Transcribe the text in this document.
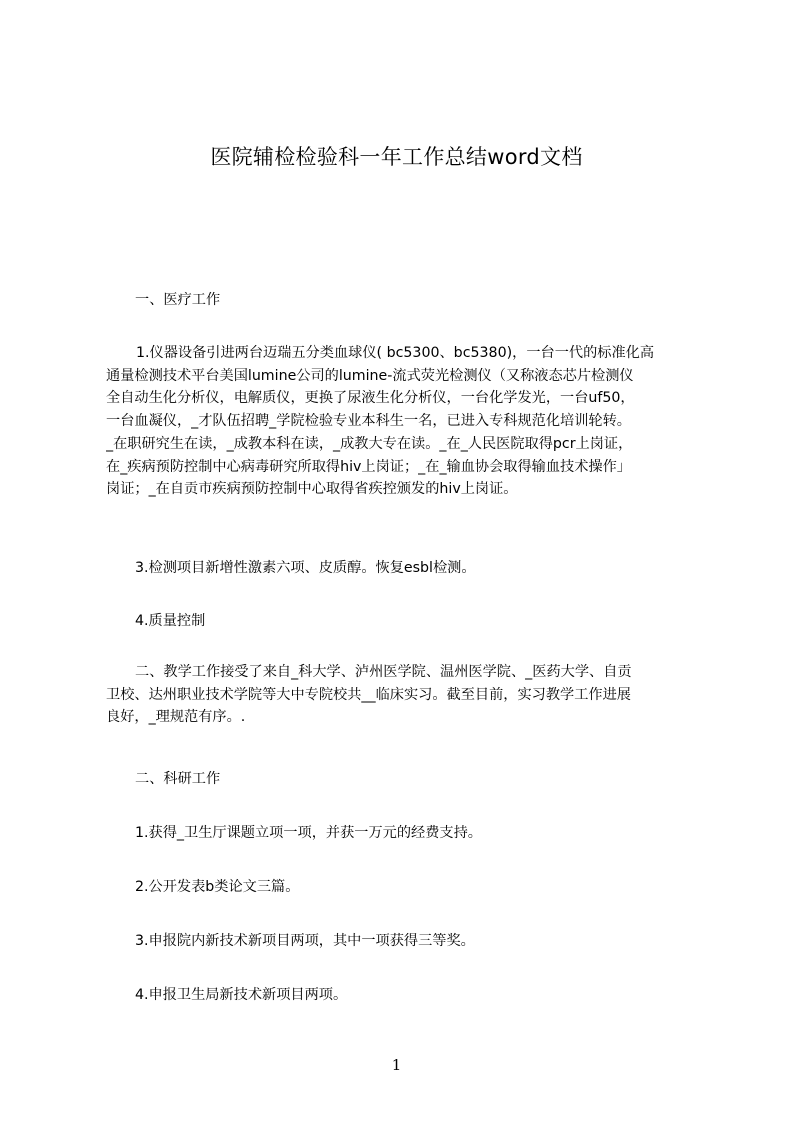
医院辅检检验科一年工作总结word文档
一、医疗工作
1.仪器设备引进两台迈瑞五分类血球仪( bc5300、bc5380)，一台一代的标准化高
通量检测技术平台美国lumine公司的lumine-流式荧光检测仪（又称液态芯片检测仪
全自动生化分析仪，电解质仪，更换了尿液生化分析仪，一台化学发光，一台uf50，
一台血凝仪，_才队伍招聘_学院检验专业本科生一名，已进入专科规范化培训轮转。
_在职研究生在读，_成教本科在读，_成教大专在读。_在_人民医院取得pcr上岗证，
在_疾病预防控制中心病毒研究所取得hiv上岗证；_在_输血协会取得输血技术操作」
岗证；_在自贡市疾病预防控制中心取得省疾控颁发的hiv上岗证。
3.检测项目新增性激素六项、皮质醇。恢复esbl检测。
4.质量控制
二、教学工作接受了来自_科大学、泸州医学院、温州医学院、_医药大学、自贡
卫校、达州职业技术学院等大中专院校共__临床实习。截至目前，实习教学工作进展
良好，_理规范有序。.
二、科研工作
1.获得_卫生厅课题立项一项，并获一万元的经费支持。
2.公开发表b类论文三篇。
3.申报院内新技术新项目两项，其中一项获得三等奖。
4.申报卫生局新技术新项目两项。
1
